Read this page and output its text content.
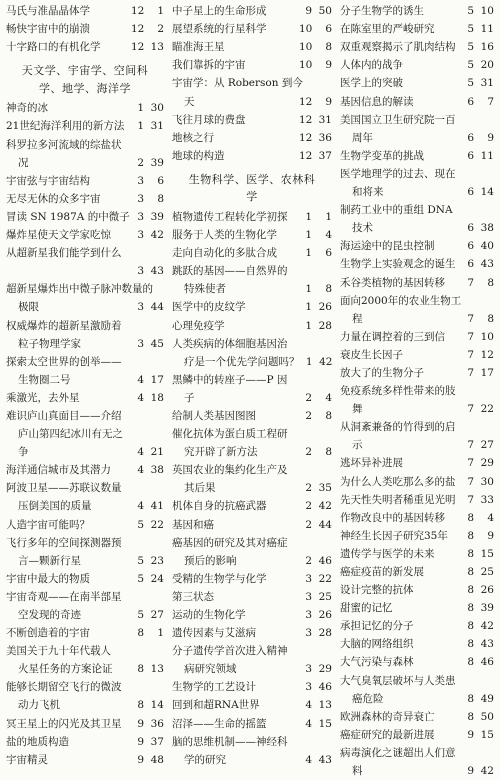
马氏与准晶晶体学	12	1
畅快宇宙中的崩溃	12	2
十字路口的有机化学	12 13
天文学、宇宙学、空间科
学、地学、海洋学
神奇的冰	1 30
21世纪海洋利用的新方法	1 31
科罗拉多河流域的综盐状
况	2 39
宇宙弦与宇宙结构	3	6
无尽无休的众多宇宙	3	8
冒读 SN 1987A 的中微子 3 39
爆炸星使天文学家吃惊	3 42
从超新星我们能学到什么
3 43
超新星爆炸出中微子脉冲数量的
极限	3 44
权威爆炸的超新星激励着
粒子物理学家	3 45
探索太空世界的创举——
生物圈二号	4 17
乘激光，去外星	4 18
难识庐山真面目——介绍
庐山第四纪冰川有无之
争	4 21
海洋通信城市及其潜力	4 38
阿波卫星——苏联议数量
压倒美国的质量	4 41
人造宇宙可能吗？	5 22
飞行多年的空间探测器预
言—颗新行星	5 23
宇宙中最大的物质	5 24
宇宙奇观——在南半部星
空发现的奇迹	5 27
不断创造着的宇宙	8	1
美国关于九十年代载人
火星任务的方案论证	8 13
能够长期留空飞行的微波
动力飞机	8 14
冥王星上的闪光及其卫星	9 36
盐的地质构造	9 37
宇宙精灵	9 48
中子星上的生命形成	9 50
展望系统的行星科学	10	6
瞄准海王星	10	8
我们靠拆的宇宙	10	9
宇宙学：从 Roberson 到今
天	12	9
飞往月球的费盘	12 31
地核之行	12 36
地球的构造	12 37
生物科学、医学、农林科
学
植物遗传工程转化学初探	1	1
服务于人类的生物化学	1	4
走向自动化的多肽合成	1	6
跳跃的基因——自然界的
特殊使者	1	8
医学中的皮纹学	1 26
心理免疫学	1 28
人类疾病的体细胞基因治
疗是一个优先学问题吗？ 1 42
黑鳞中的转座子——P 因
子	2	4
给制人类基因图图	2	8
催化抗体为蛋白质工程研
究开辟了新方法	2	8
英国农业的集约化生产及
其后果	2 35
机体自身的抗癌武器	2 42
基因和癌	2 44
癌基因的研究及其对癌症
预后的影响	2 46
受精的生物学与化学	3 22
第三状态	3 25
运动的生物化学	3 26
遗传因素与艾滋病	3 28
分子遗传学首次进入精神
病研究领域	3 29
生物学的工艺设计	3 46
回到和超RNA世界	4 13
沼泽——生命的摇篮	4 15
脑的思维机制——神经科
学的研究	4 43
分子生物学的诱生	5 10
在陈室里的严峻研究	5 11
双重观察揭示了肌肉结构	5 16
人体内的战争	5 20
医学上的突破	5 31
基因信息的解读	6	7
美国国立卫生研究院一百
周年	6	9
生物学变革的挑战	6 11
医学地理学的过去、现在
和将来	6 14
制药工业中的重组 DNA
技术	6 38
海运途中的昆虫控制	6 40
生物学上实验观念的诞生	6 43
禾谷类植物的基因转移	7	8
面向2000年的农业生物工
程	7	8
力量在调控着的三到信	7 10
衰皮生长因子	7 12
放大了的生物分子	7 17
免疫系统多样性带来的肢
舞	7 22
从洞紊兼备的竹得到的启
示	7 27
逃坏异补进展	7 29
为什么人类吃那么多的盐	7 30
先天性失明者稀重见光明	7 33
作物改良中的基因转移	8	4
神经生长因子研究35年	8	9
遗传学与医学的未来	8 15
癌症疫苗的新发展	8 25
设计完整的抗体	8 26
甜蜜的记忆	8 39
承担记忆的分子	8 42
大脑的网络组织	8 43
大气污染与森林	8 46
大气臭氧层破坏与人类患
癌危险	8 49
欧洲森林的奇异衰亡	8 50
癌症研究的最新进展	9 15
病毒演化之谜超出人们意
料	9 42
